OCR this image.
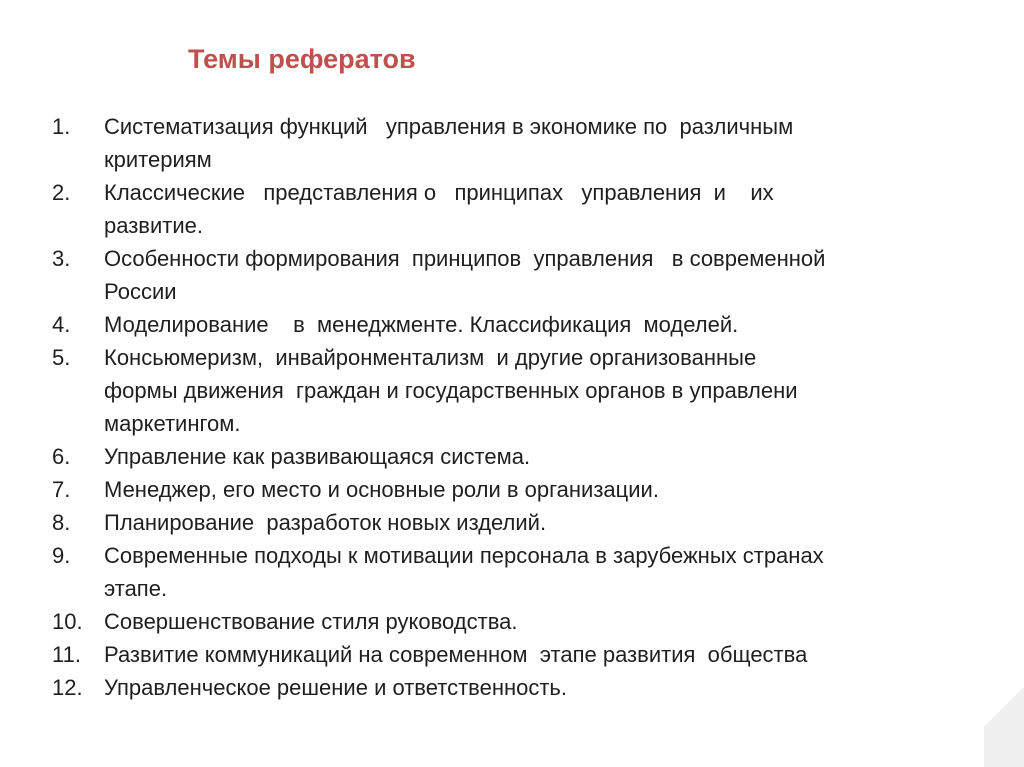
Темы рефератов
1.	Систематизация функций   управления в экономике по  различным
критериям
2.	Классические   представления о   принципах   управления  и    их
развитие.
3.	Особенности формирования  принципов  управления   в современной
России
4.	Моделирование    в  менеджменте. Классификация  моделей.
5.	Консьюмеризм,  инвайронментализм  и другие организованные
формы движения  граждан и государственных органов в управлени
маркетингом.
6.	Управление как развивающаяся система.
7.	Менеджер, его место и основные роли в организации.
8.	Планирование  разработок новых изделий.
9.	Современные подходы к мотивации персонала в зарубежных странах
этапе.
10. Совершенствование стиля руководства.
11.	Развитие коммуникаций на современном  этапе развития  общества
12. Управленческое решение и ответственность.
